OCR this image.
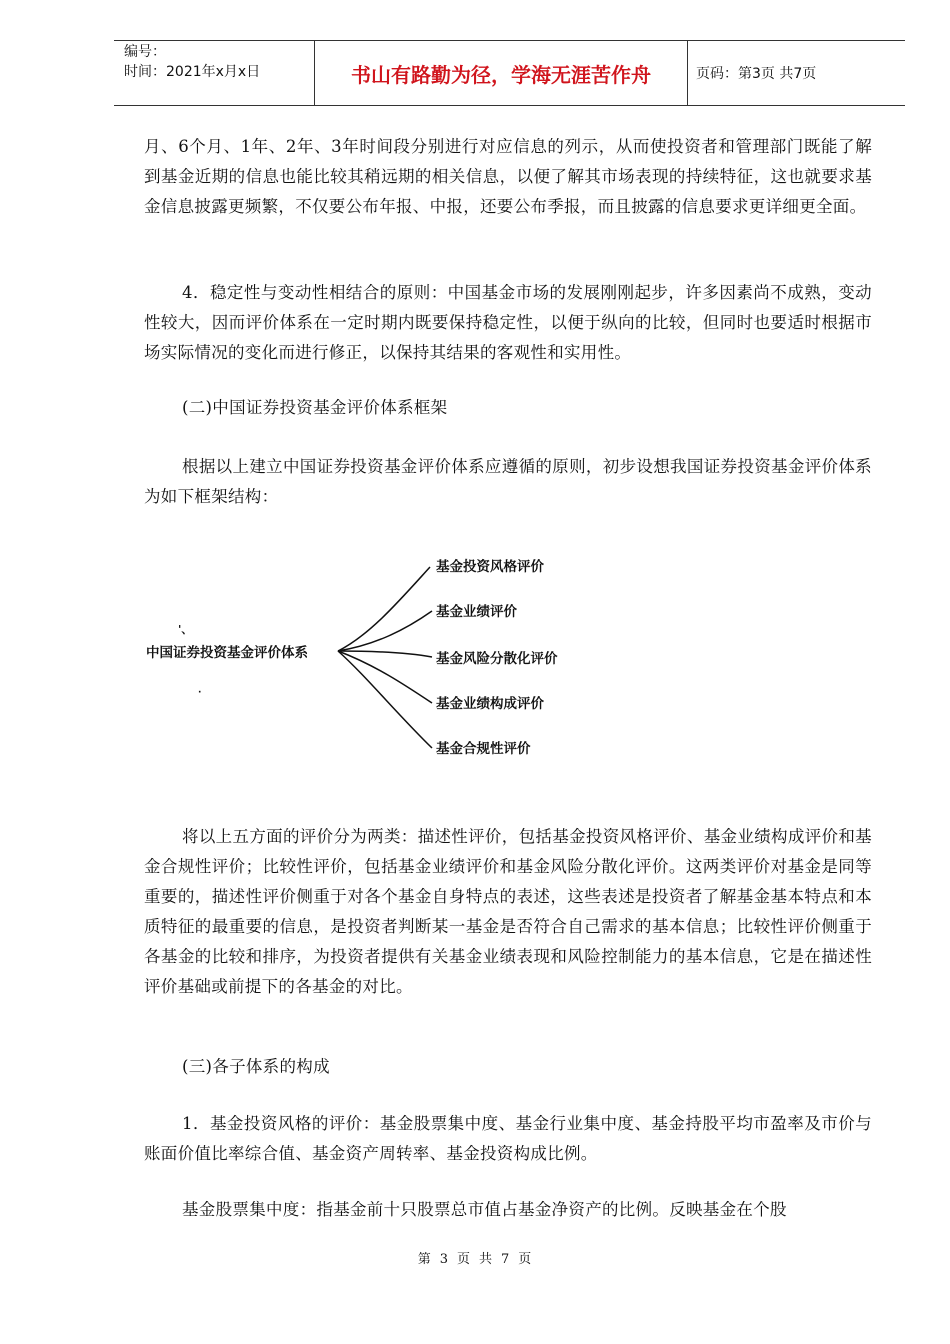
编号：
时间：2021年x月x日	书山有路勤为径，学海无涯苦作舟	页码：第3页 共7页

月、6个月、1年、2年、3年时间段分别进行对应信息的列示，从而使投资者和管理部门既能了解到基金近期的信息也能比较其稍远期的相关信息，以便了解其市场表现的持续特征，这也就要求基金信息披露更频繁，不仅要公布年报、中报，还要公布季报，而且披露的信息要求更详细更全面。

4．稳定性与变动性相结合的原则：中国基金市场的发展刚刚起步，许多因素尚不成熟，变动性较大，因而评价体系在一定时期内既要保持稳定性，以便于纵向的比较，但同时也要适时根据市场实际情况的变化而进行修正，以保持其结果的客观性和实用性。

(二)中国证券投资基金评价体系框架

根据以上建立中国证券投资基金评价体系应遵循的原则，初步设想我国证券投资基金评价体系为如下框架结构：

'、
中国证券投资基金评价体系
·
基金投资风格评价
基金业绩评价
基金风险分散化评价
基金业绩构成评价
基金合规性评价

将以上五方面的评价分为两类：描述性评价，包括基金投资风格评价、基金业绩构成评价和基金合规性评价；比较性评价，包括基金业绩评价和基金风险分散化评价。这两类评价对基金是同等重要的，描述性评价侧重于对各个基金自身特点的表述，这些表述是投资者了解基金基本特点和本质特征的最重要的信息，是投资者判断某一基金是否符合自己需求的基本信息；比较性评价侧重于各基金的比较和排序，为投资者提供有关基金业绩表现和风险控制能力的基本信息，它是在描述性评价基础或前提下的各基金的对比。

(三)各子体系的构成

1．基金投资风格的评价：基金股票集中度、基金行业集中度、基金持股平均市盈率及市价与账面价值比率综合值、基金资产周转率、基金投资构成比例。

基金股票集中度：指基金前十只股票总市值占基金净资产的比例。反映基金在个股

第 3 页 共 7 页
